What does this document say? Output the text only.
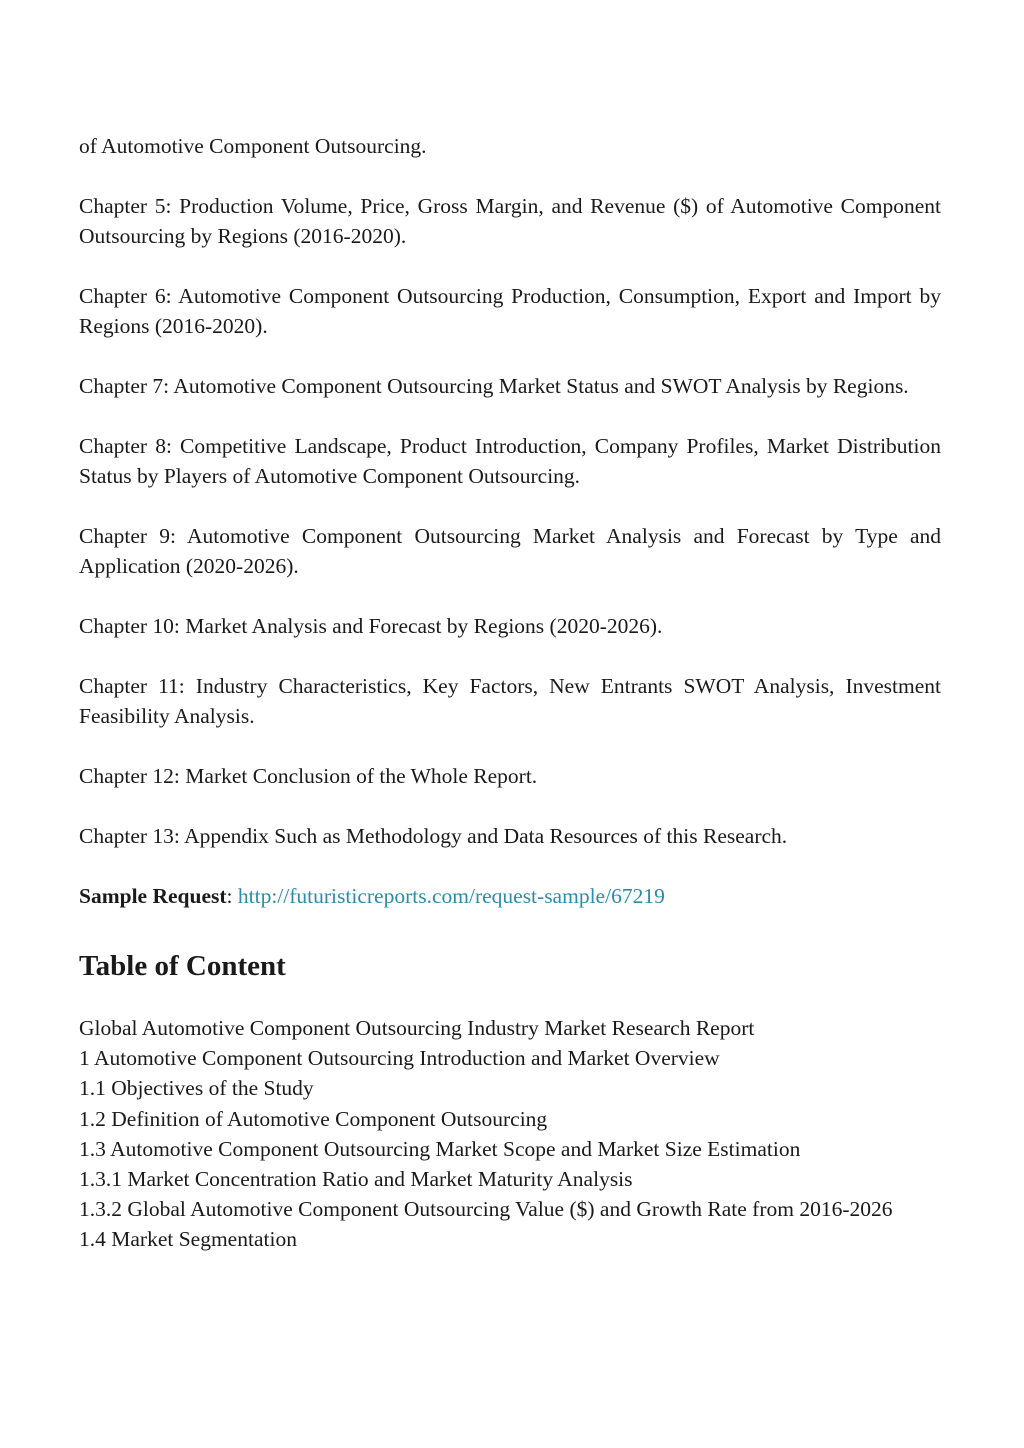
of Automotive Component Outsourcing.

Chapter 5: Production Volume, Price, Gross Margin, and Revenue ($) of Automotive Component Outsourcing by Regions (2016-2020).

Chapter 6: Automotive Component Outsourcing Production, Consumption, Export and Import by Regions (2016-2020).

Chapter 7: Automotive Component Outsourcing Market Status and SWOT Analysis by Regions.

Chapter 8: Competitive Landscape, Product Introduction, Company Profiles, Market Distribution Status by Players of Automotive Component Outsourcing.

Chapter 9: Automotive Component Outsourcing Market Analysis and Forecast by Type and Application (2020-2026).

Chapter 10: Market Analysis and Forecast by Regions (2020-2026).

Chapter 11: Industry Characteristics, Key Factors, New Entrants SWOT Analysis, Investment Feasibility Analysis.

Chapter 12: Market Conclusion of the Whole Report.

Chapter 13: Appendix Such as Methodology and Data Resources of this Research.

Sample Request: http://futuristicreports.com/request-sample/67219

Table of Content
Global Automotive Component Outsourcing Industry Market Research Report
1 Automotive Component Outsourcing Introduction and Market Overview
1.1 Objectives of the Study
1.2 Definition of Automotive Component Outsourcing
1.3 Automotive Component Outsourcing Market Scope and Market Size Estimation
1.3.1 Market Concentration Ratio and Market Maturity Analysis
1.3.2 Global Automotive Component Outsourcing Value ($) and Growth Rate from 2016-2026
1.4 Market Segmentation
